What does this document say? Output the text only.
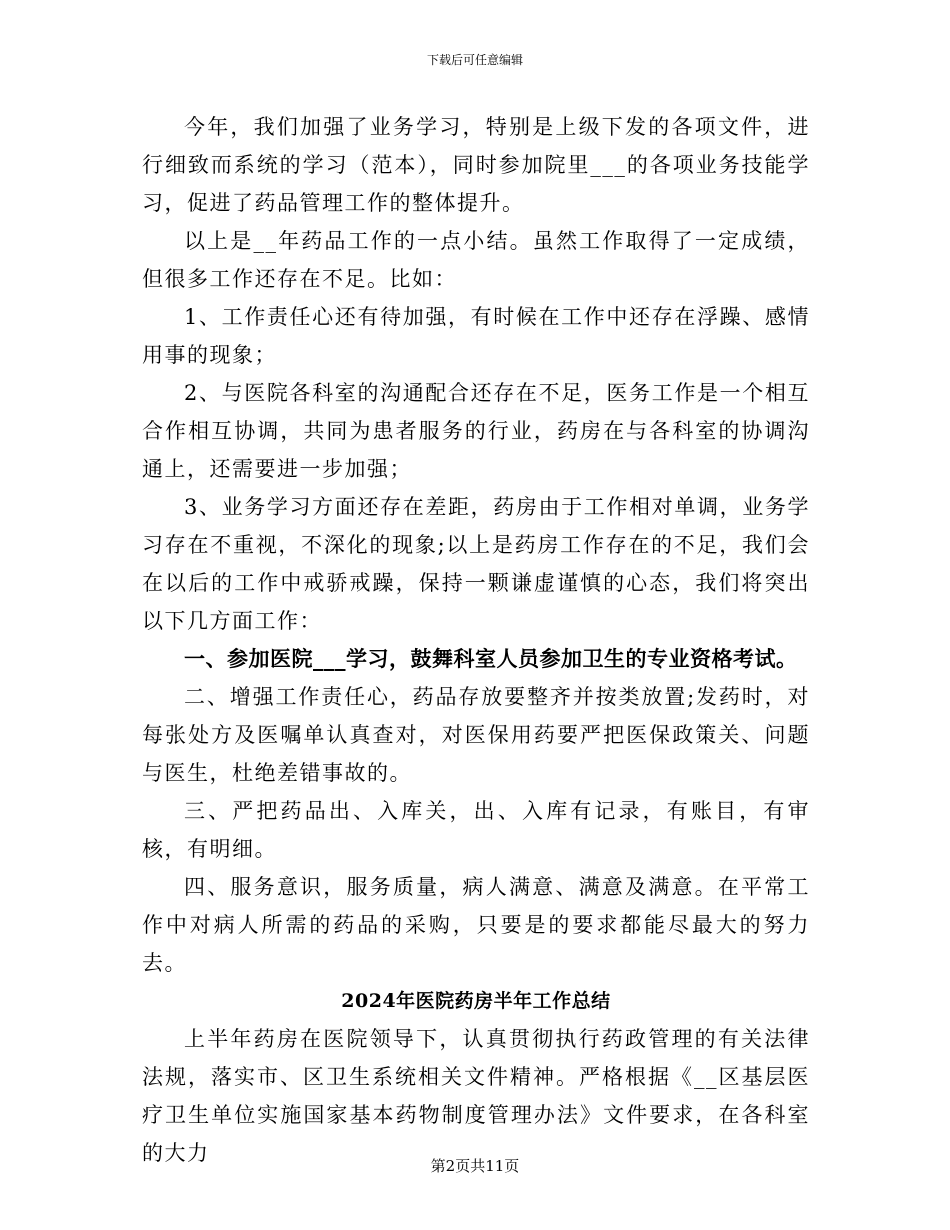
下载后可任意编辑

今年，我们加强了业务学习，特别是上级下发的各项文件，进行细致而系统的学习（范本），同时参加院里___的各项业务技能学习，促进了药品管理工作的整体提升。

以上是__年药品工作的一点小结。虽然工作取得了一定成绩，但很多工作还存在不足。比如：

1、工作责任心还有待加强，有时候在工作中还存在浮躁、感情用事的现象；

2、与医院各科室的沟通配合还存在不足，医务工作是一个相互合作相互协调，共同为患者服务的行业，药房在与各科室的协调沟通上，还需要进一步加强；

3、业务学习方面还存在差距，药房由于工作相对单调，业务学习存在不重视，不深化的现象;以上是药房工作存在的不足，我们会在以后的工作中戒骄戒躁，保持一颗谦虚谨慎的心态，我们将突出以下几方面工作：

一、参加医院___学习，鼓舞科室人员参加卫生的专业资格考试。

二、增强工作责任心，药品存放要整齐并按类放置;发药时，对每张处方及医嘱单认真查对，对医保用药要严把医保政策关、问题与医生，杜绝差错事故的。

三、严把药品出、入库关，出、入库有记录，有账目，有审核，有明细。

四、服务意识，服务质量，病人满意、满意及满意。在平常工作中对病人所需的药品的采购，只要是的要求都能尽最大的努力去。

2024年医院药房半年工作总结

上半年药房在医院领导下，认真贯彻执行药政管理的有关法律法规，落实市、区卫生系统相关文件精神。严格根据《__区基层医疗卫生单位实施国家基本药物制度管理办法》文件要求，在各科室的大力

第2页共11页
